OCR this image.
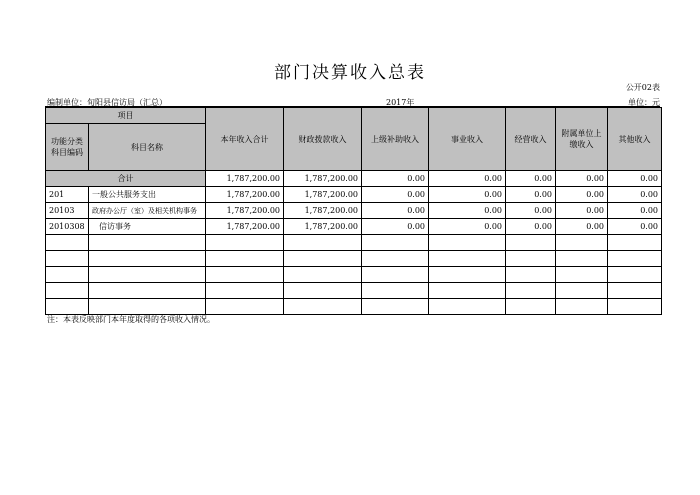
部门决算收入总表
公开02表
编制单位：旬阳县信访局（汇总）	2017年	单位：元
项目		本年收入合计	财政拨款收入	上级补助收入	事业收入	经营收入	附属单位上缴收入	其他收入
功能分类科目编码	科目名称							
合计		1,787,200.00	1,787,200.00	0.00	0.00	0.00	0.00	0.00
201	一般公共服务支出	1,787,200.00	1,787,200.00	0.00	0.00	0.00	0.00	0.00
20103	政府办公厅（室）及相关机构事务	1,787,200.00	1,787,200.00	0.00	0.00	0.00	0.00	0.00
2010308	信访事务	1,787,200.00	1,787,200.00	0.00	0.00	0.00	0.00	0.00

注：本表反映部门本年度取得的各项收入情况。
